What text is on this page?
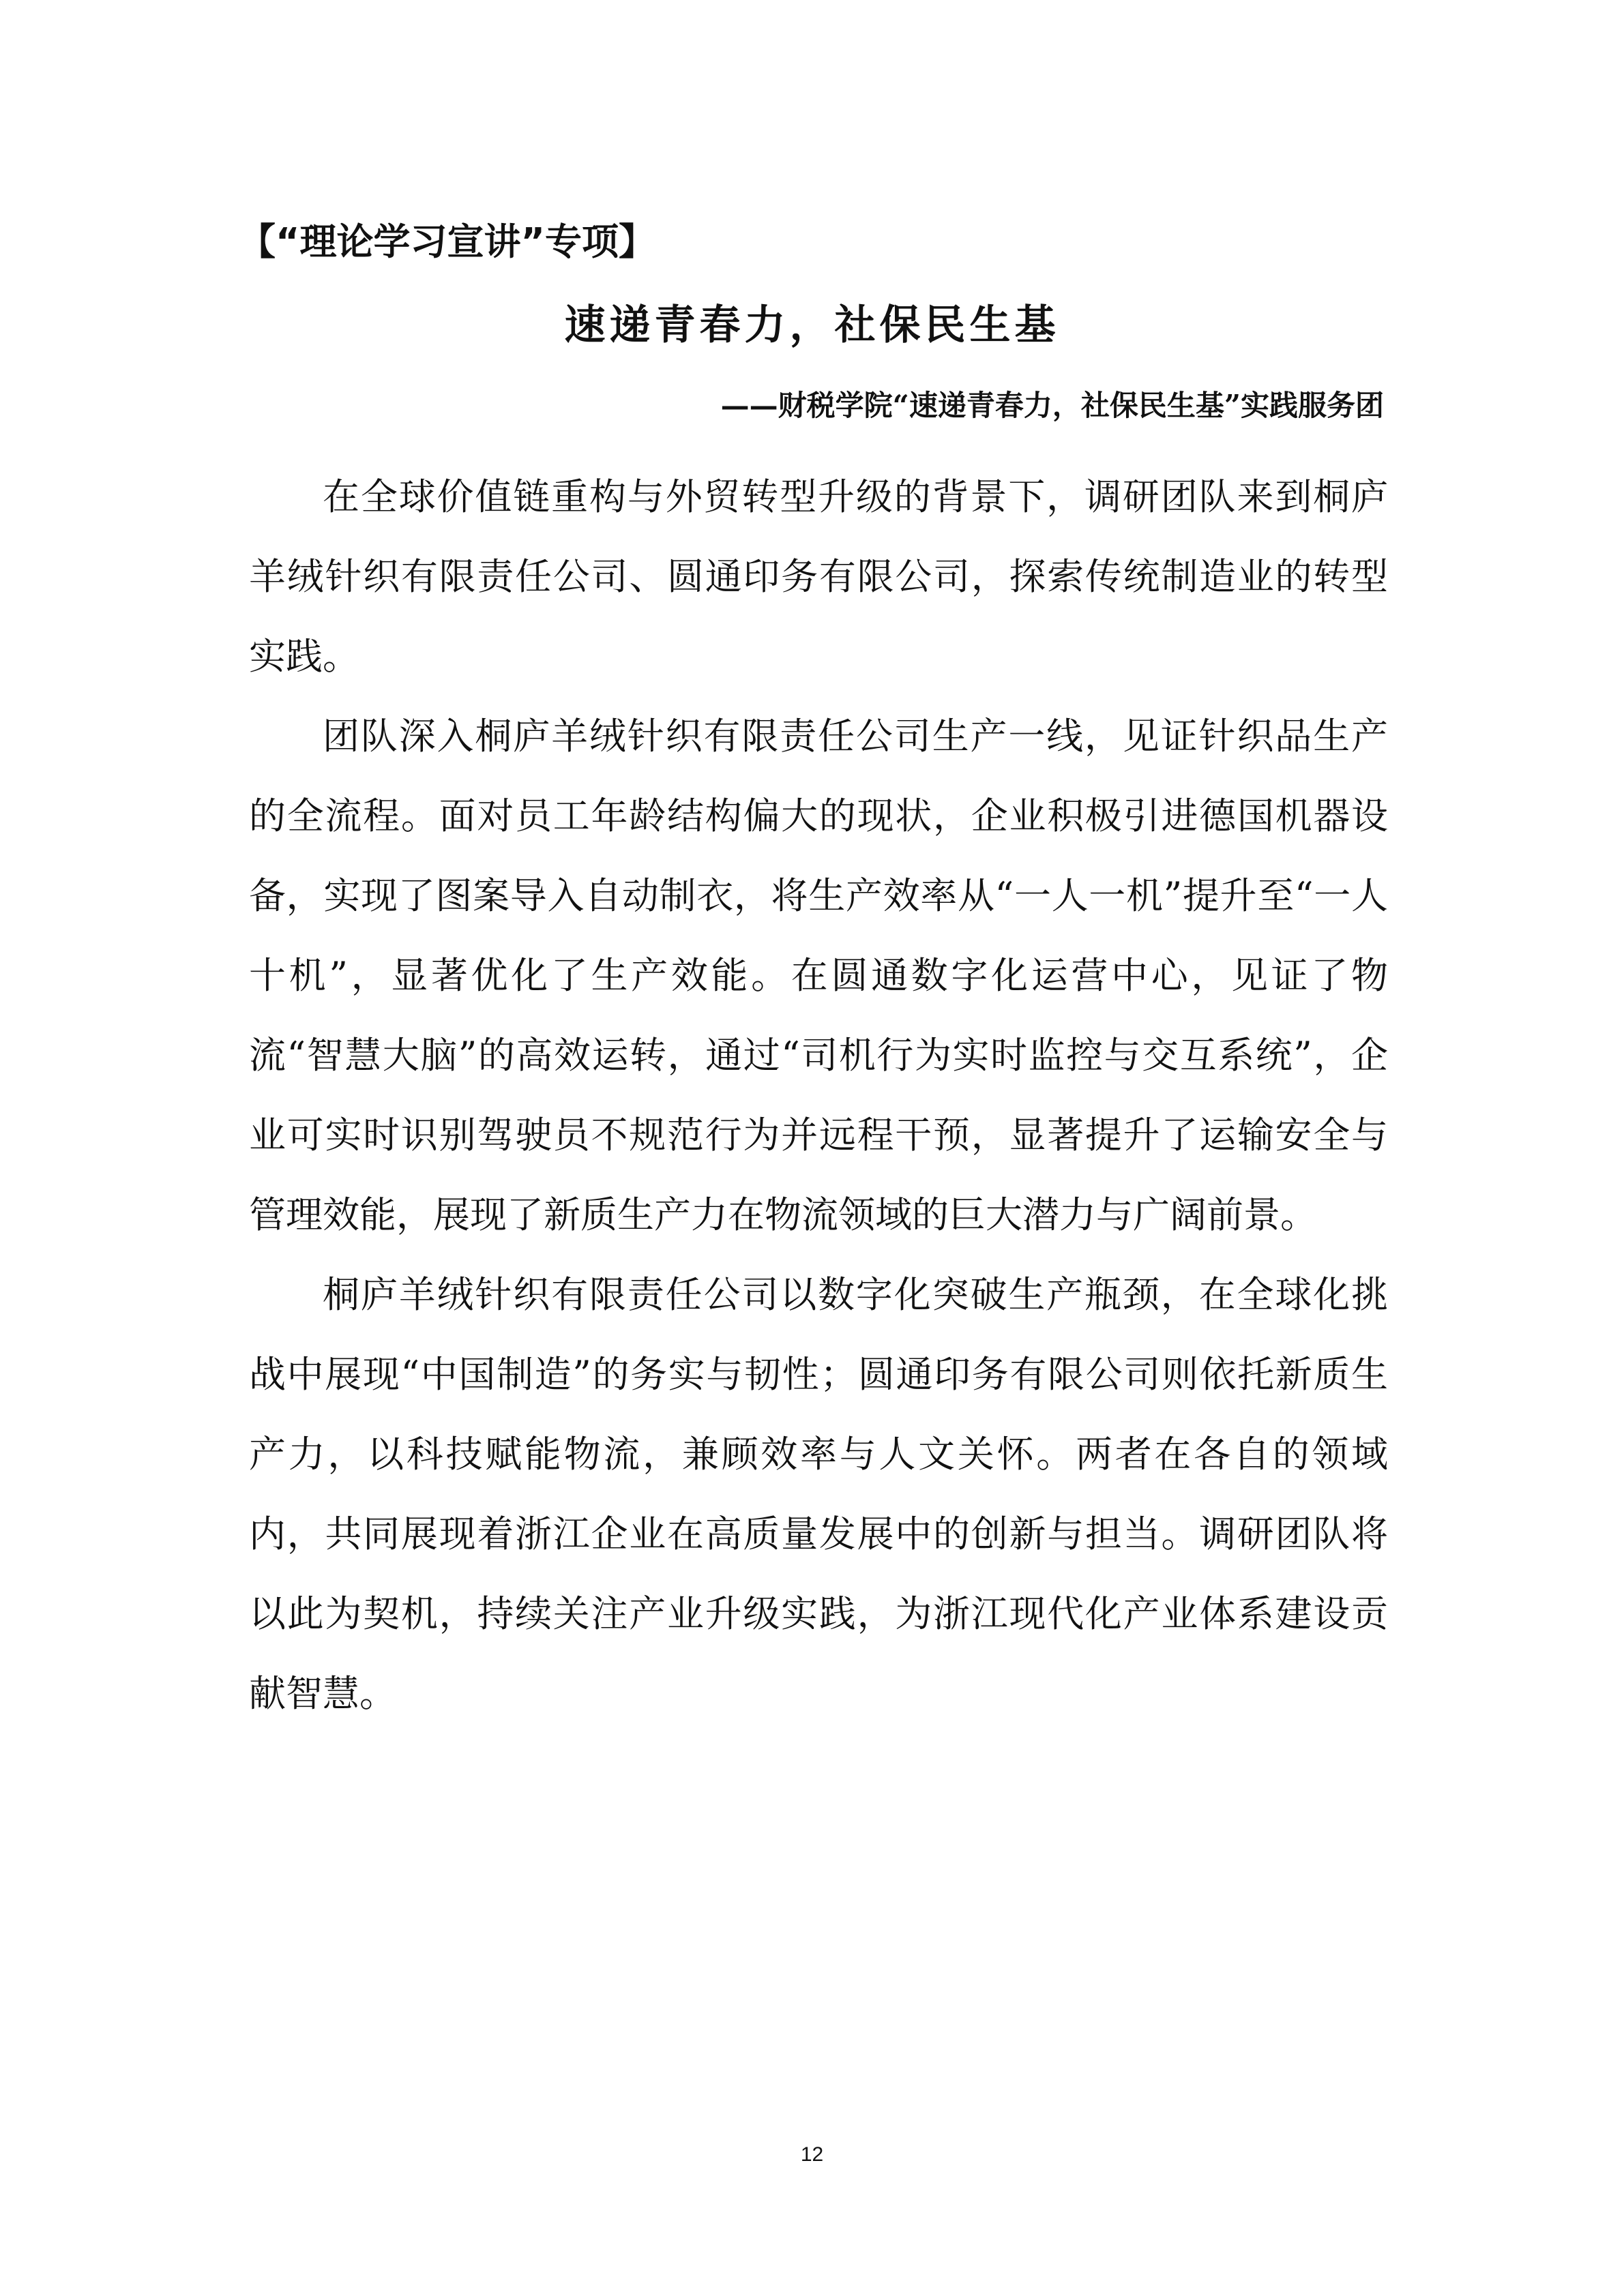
【“理论学习宣讲”专项】
速递青春力，社保民生基
——财税学院“速递青春力，社保民生基”实践服务团

在全球价值链重构与外贸转型升级的背景下，调研团队来到桐庐羊绒针织有限责任公司、圆通印务有限公司，探索传统制造业的转型实践。

团队深入桐庐羊绒针织有限责任公司生产一线，见证针织品生产的全流程。面对员工年龄结构偏大的现状，企业积极引进德国机器设备，实现了图案导入自动制衣，将生产效率从“一人一机”提升至“一人十机”，显著优化了生产效能。在圆通数字化运营中心，见证了物流“智慧大脑”的高效运转，通过“司机行为实时监控与交互系统”，企业可实时识别驾驶员不规范行为并远程干预，显著提升了运输安全与管理效能，展现了新质生产力在物流领域的巨大潜力与广阔前景。

桐庐羊绒针织有限责任公司以数字化突破生产瓶颈，在全球化挑战中展现“中国制造”的务实与韧性；圆通印务有限公司则依托新质生产力，以科技赋能物流，兼顾效率与人文关怀。两者在各自的领域内，共同展现着浙江企业在高质量发展中的创新与担当。调研团队将以此为契机，持续关注产业升级实践，为浙江现代化产业体系建设贡献智慧。

12
